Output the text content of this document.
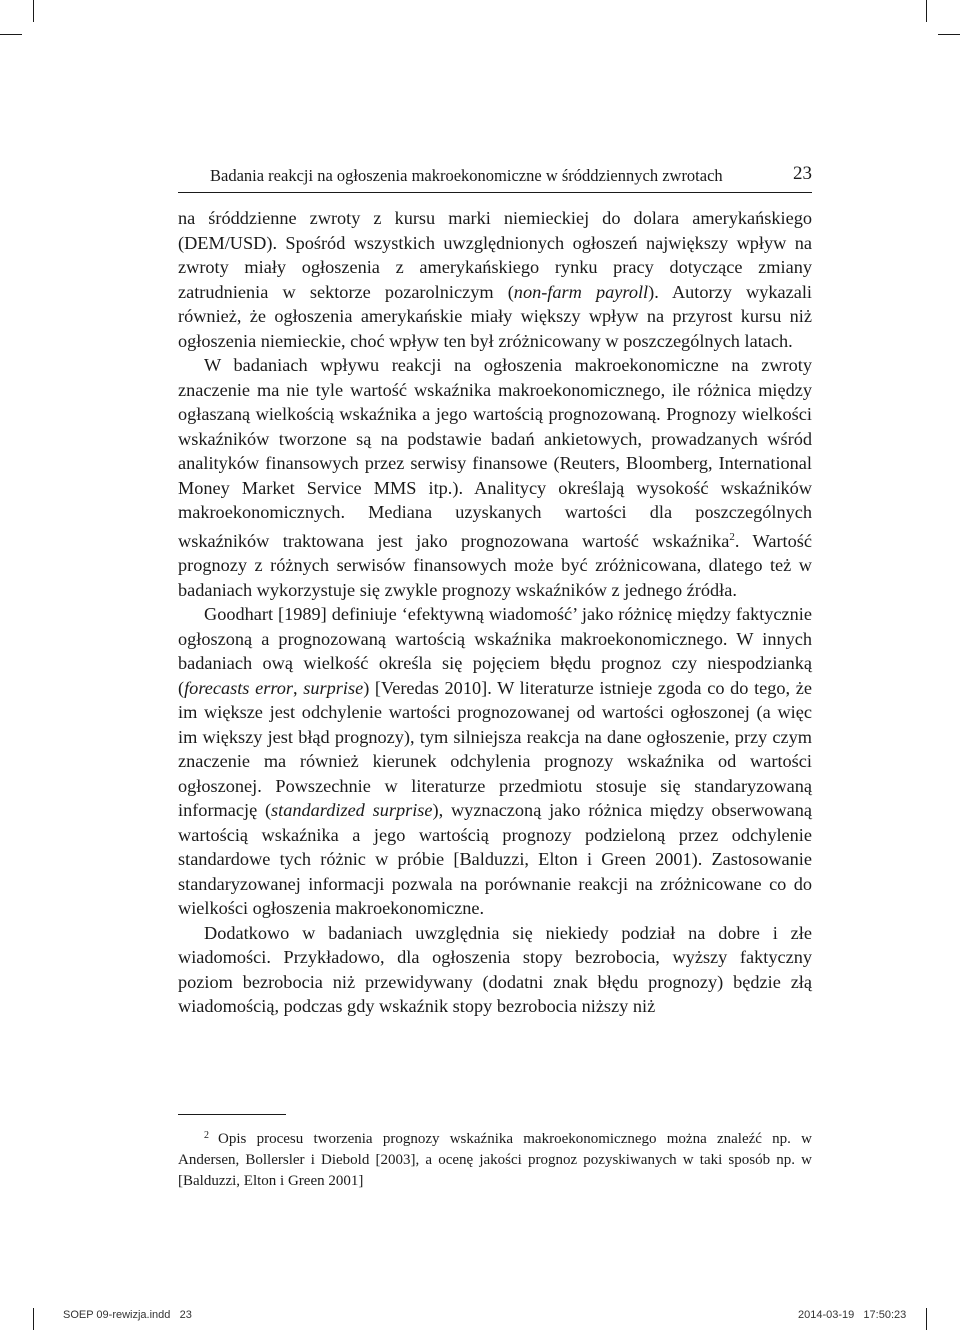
Badania reakcji na ogłoszenia makroekonomiczne w śróddziennych zwrotach	23

na śróddzienne zwroty z kursu marki niemieckiej do dolara amerykańskiego (DEM/USD). Spośród wszystkich uwzględnionych ogłoszeń największy wpływ na zwroty miały ogłoszenia z amerykańskiego rynku pracy dotyczące zmiany zatrudnienia w sektorze pozarolniczym (non-farm payroll). Autorzy wykazali również, że ogłoszenia amerykańskie miały większy wpływ na przyrost kursu niż ogłoszenia niemieckie, choć wpływ ten był zróżnicowany w poszczególnych latach.

W badaniach wpływu reakcji na ogłoszenia makroekonomiczne na zwroty znaczenie ma nie tyle wartość wskaźnika makroekonomicznego, ile różnica między ogłaszaną wielkością wskaźnika a jego wartością prognozowaną. Prognozy wielkości wskaźników tworzone są na podstawie badań ankietowych, prowadzanych wśród analityków finansowych przez serwisy finansowe (Reuters, Bloomberg, International Money Market Service MMS itp.). Analitycy określają wysokość wskaźników makroekonomicznych. Mediana uzyskanych wartości dla poszczególnych wskaźników traktowana jest jako prognozowana wartość wskaźnika$^2$. Wartość prognozy z różnych serwisów finansowych może być zróżnicowana, dlatego też w badaniach wykorzystuje się zwykle prognozy wskaźników z jednego źródła.

Goodhart [1989] definiuje ‘efektywną wiadomość’ jako różnicę między faktycznie ogłoszoną a prognozowaną wartością wskaźnika makroekonomicznego. W innych badaniach ową wielkość określa się pojęciem błędu prognoz czy niespodzianką (forecasts error, surprise) [Veredas 2010]. W literaturze istnieje zgoda co do tego, że im większe jest odchylenie wartości prognozowanej od wartości ogłoszonej (a więc im większy jest błąd prognozy), tym silniejsza reakcja na dane ogłoszenie, przy czym znaczenie ma również kierunek odchylenia prognozy wskaźnika od wartości ogłoszonej. Powszechnie w literaturze przedmiotu stosuje się standaryzowaną informację (standardized surprise), wyznaczoną jako różnica między obserwowaną wartością wskaźnika a jego wartością prognozy podzieloną przez odchylenie standardowe tych różnic w próbie [Balduzzi, Elton i Green 2001). Zastosowanie standaryzowanej informacji pozwala na porównanie reakcji na zróżnicowane co do wielkości ogłoszenia makroekonomiczne.

Dodatkowo w badaniach uwzględnia się niekiedy podział na dobre i złe wiadomości. Przykładowo, dla ogłoszenia stopy bezrobocia, wyższy faktyczny poziom bezrobocia niż przewidywany (dodatni znak błędu prognozy) będzie złą wiadomością, podczas gdy wskaźnik stopy bezrobocia niższy niż

$^2$ Opis procesu tworzenia prognozy wskaźnika makroekonomicznego można znaleźć np. w Andersen, Bollersler i Diebold [2003], a ocenę jakości prognoz pozyskiwanych w taki sposób np. w [Balduzzi, Elton i Green 2001]

SOEP 09-rewizja.indd   23	2014-03-19   17:50:23
